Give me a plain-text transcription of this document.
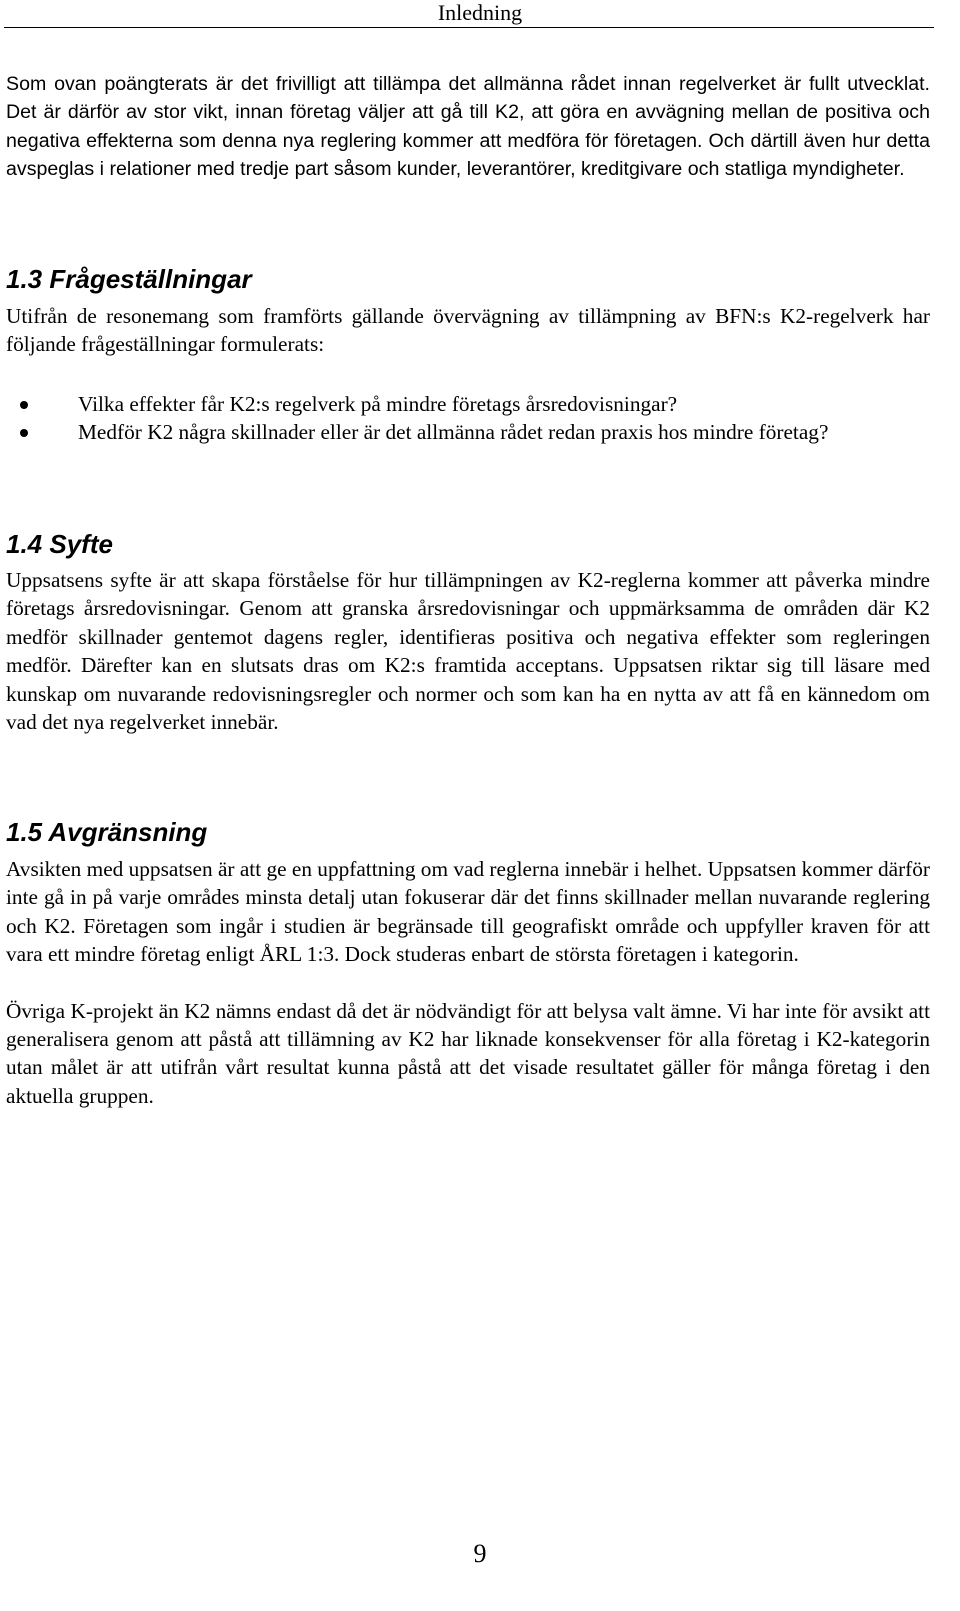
Inledning

Som ovan poängterats är det frivilligt att tillämpa det allmänna rådet innan regelverket är fullt utvecklat. Det är därför av stor vikt, innan företag väljer att gå till K2, att göra en avvägning mellan de positiva och negativa effekterna som denna nya reglering kommer att medföra för företagen. Och därtill även hur detta avspeglas i relationer med tredje part såsom kunder, leverantörer, kreditgivare och statliga myndigheter.

1.3 Frågeställningar

Utifrån de resonemang som framförts gällande övervägning av tillämpning av BFN:s K2-regelverk har följande frågeställningar formulerats:

Vilka effekter får K2:s regelverk på mindre företags årsredovisningar?
Medför K2 några skillnader eller är det allmänna rådet redan praxis hos mindre företag?
1.4 Syfte

Uppsatsens syfte är att skapa förståelse för hur tillämpningen av K2-reglerna kommer att påverka mindre företags årsredovisningar. Genom att granska årsredovisningar och uppmärksamma de områden där K2 medför skillnader gentemot dagens regler, identifieras positiva och negativa effekter som regleringen medför. Därefter kan en slutsats dras om K2:s framtida acceptans. Uppsatsen riktar sig till läsare med kunskap om nuvarande redovisningsregler och normer och som kan ha en nytta av att få en kännedom om vad det nya regelverket innebär.

1.5 Avgränsning

Avsikten med uppsatsen är att ge en uppfattning om vad reglerna innebär i helhet. Uppsatsen kommer därför inte gå in på varje områdes minsta detalj utan fokuserar där det finns skillnader mellan nuvarande reglering och K2. Företagen som ingår i studien är begränsade till geografiskt område och uppfyller kraven för att vara ett mindre företag enligt ÅRL 1:3. Dock studeras enbart de största företagen i kategorin.

Övriga K-projekt än K2 nämns endast då det är nödvändigt för att belysa valt ämne. Vi har inte för avsikt att generalisera genom att påstå att tillämning av K2 har liknade konsekvenser för alla företag i K2-kategorin utan målet är att utifrån vårt resultat kunna påstå att det visade resultatet gäller för många företag i den aktuella gruppen.

9
